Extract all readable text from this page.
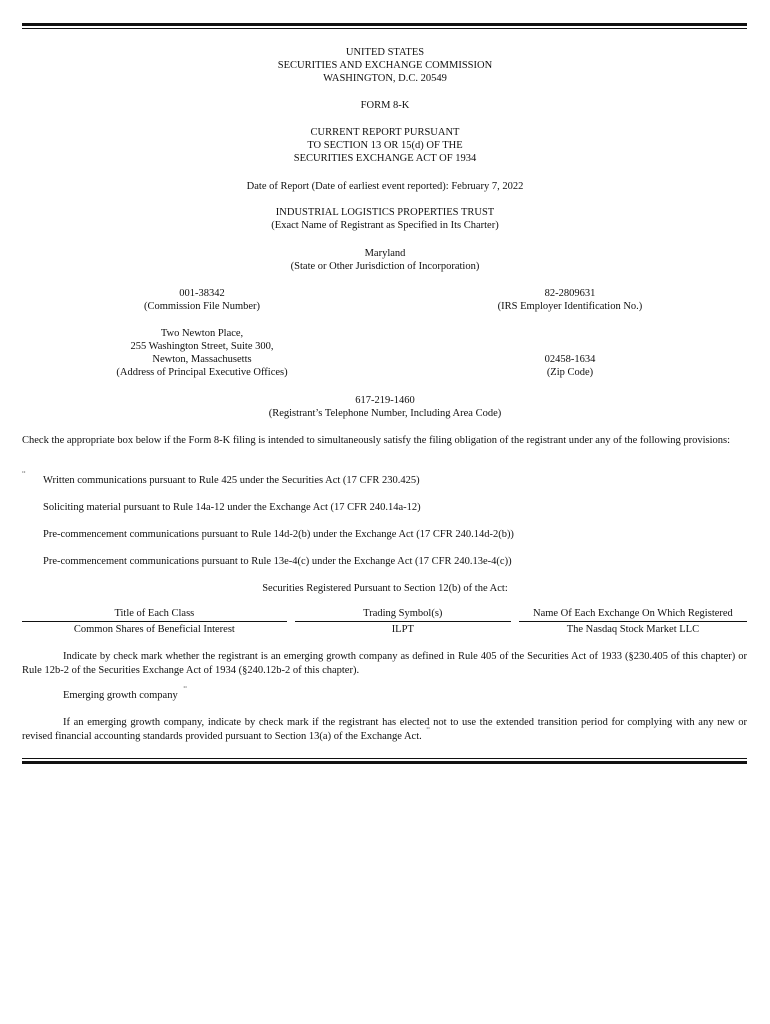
UNITED STATES
SECURITIES AND EXCHANGE COMMISSION
WASHINGTON, D.C. 20549
FORM 8-K
CURRENT REPORT PURSUANT
TO SECTION 13 OR 15(d) OF THE
SECURITIES EXCHANGE ACT OF 1934
Date of Report (Date of earliest event reported): February 7, 2022
INDUSTRIAL LOGISTICS PROPERTIES TRUST
(Exact Name of Registrant as Specified in Its Charter)
Maryland
(State or Other Jurisdiction of Incorporation)
001-38342
(Commission File Number)
82-2809631
(IRS Employer Identification No.)
Two Newton Place,
255 Washington Street, Suite 300,
Newton, Massachusetts
(Address of Principal Executive Offices)
02458-1634
(Zip Code)
617-219-1460
(Registrant’s Telephone Number, Including Area Code)
Check the appropriate box below if the Form 8-K filing is intended to simultaneously satisfy the filing obligation of the registrant under any of the following provisions:
¨ Written communications pursuant to Rule 425 under the Securities Act (17 CFR 230.425)
Soliciting material pursuant to Rule 14a-12 under the Exchange Act (17 CFR 240.14a-12)
Pre-commencement communications pursuant to Rule 14d-2(b) under the Exchange Act (17 CFR 240.14d-2(b))
Pre-commencement communications pursuant to Rule 13e-4(c) under the Exchange Act (17 CFR 240.13e-4(c))
Securities Registered Pursuant to Section 12(b) of the Act:
Title of Each Class		Trading Symbol(s)		Name Of Each Exchange On Which Registered
Common Shares of Beneficial Interest		ILPT		The Nasdaq Stock Market LLC
Indicate by check mark whether the registrant is an emerging growth company as defined in Rule 405 of the Securities Act of 1933 (§230.405 of this chapter) or Rule 12b-2 of the Securities Exchange Act of 1934 (§240.12b-2 of this chapter).
Emerging growth company ¨
If an emerging growth company, indicate by check mark if the registrant has elected not to use the extended transition period for complying with any new or revised financial accounting standards provided pursuant to Section 13(a) of the Exchange Act. ¨
